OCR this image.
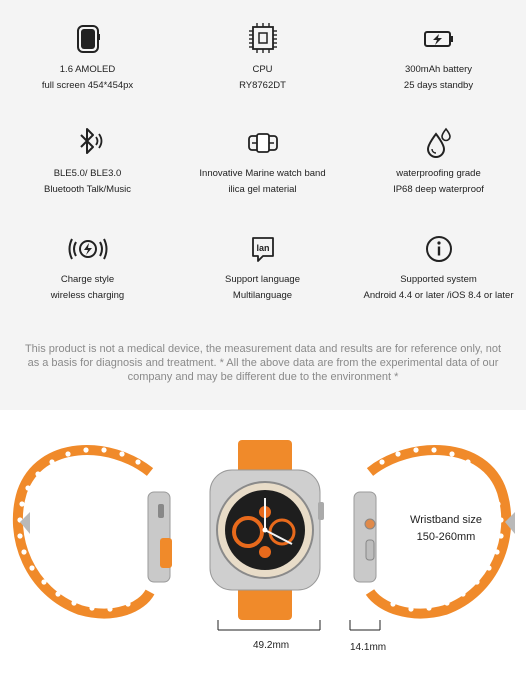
1.6 AMOLED
full screen 454*454px
CPU
RY8762DT
300mAh battery
25 days standby
BLE5.0/ BLE3.0
Bluetooth Talk/Music
Innovative Marine watch band
ilica gel material
waterproofing grade
IP68 deep waterproof
Charge style
wireless charging
lan
Support language
Multilanguage
Supported system
Android 4.4 or later /iOS 8.4 or later
This product is not a medical device, the measurement data and results are for reference only, not as a basis for diagnosis and treatment. * All the above data are from the experimental data of our company and may be different due to the environment *
Wristband size
150-260mm
49.2mm	14.1mm
